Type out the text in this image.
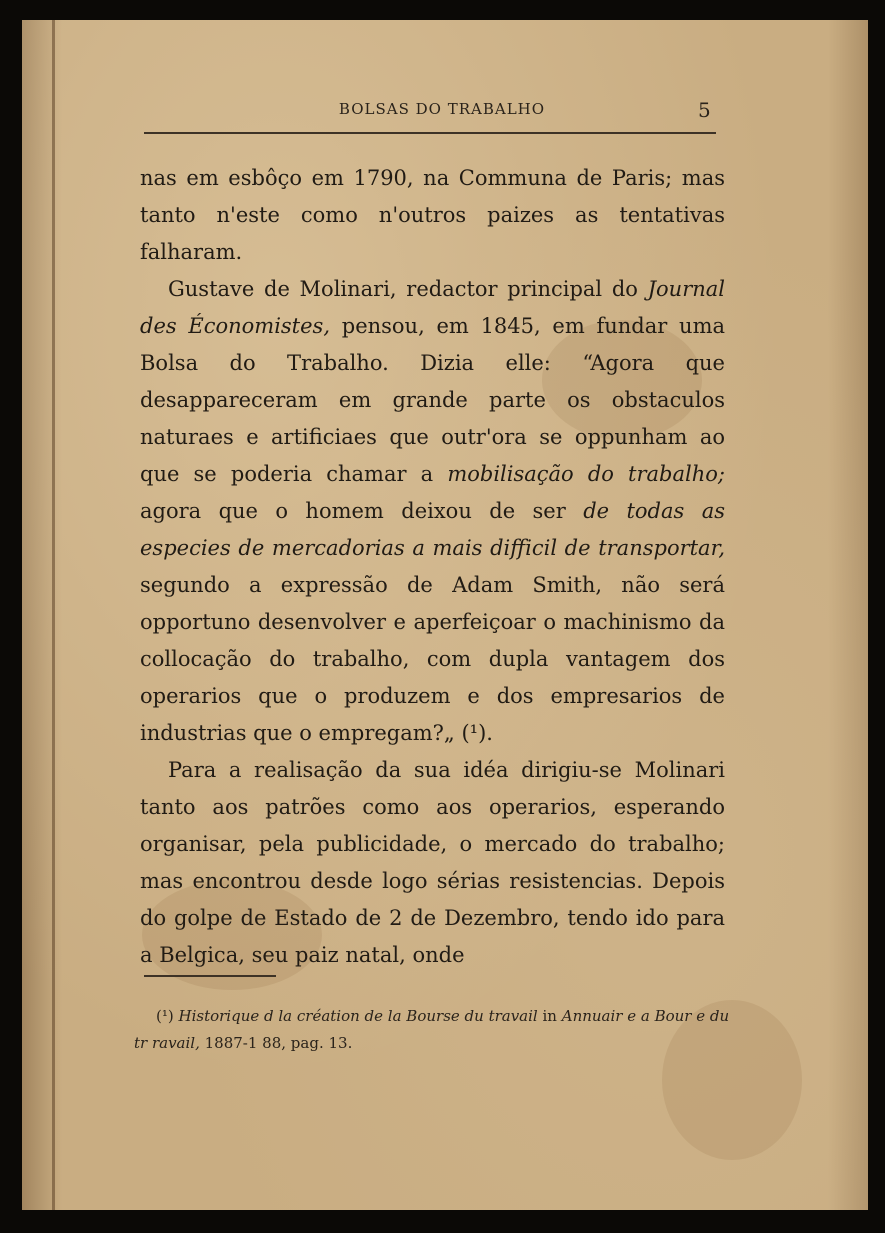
BOLSAS DO TRABALHO	5

nas em esbôço em 1790, na Communa de Paris; mas tanto n'este como n'outros paizes as tentativas falharam.

Gustave de Molinari, redactor principal do Journal des Économistes, pensou, em 1845, em fundar uma Bolsa do Trabalho. Dizia elle: “Agora que desappareceram em grande parte os obstaculos naturaes e artificiaes que outr'ora se oppunham ao que se poderia chamar a mobilisação do trabalho; agora que o homem deixou de ser de todas as especies de mercadorias a mais difficil de transportar, segundo a expressão de Adam Smith, não será opportuno desenvolver e aperfeiçoar o machinismo da collocação do trabalho, com dupla vantagem dos operarios que o produzem e dos empresarios de industrias que o empregam?„ (¹).

Para a realisação da sua idéa dirigiu-se Molinari tanto aos patrões como aos operarios, esperando organisar, pela publicidade, o mercado do trabalho; mas encontrou desde logo sérias resistencias. Depois do golpe de Estado de 2 de Dezembro, tendo ido para a Belgica, seu paiz natal, onde

(¹) Historique d la création de la Bourse du travail in Annuair e a Bour e du tr ravail, 1887-1 88, pag. 13.
